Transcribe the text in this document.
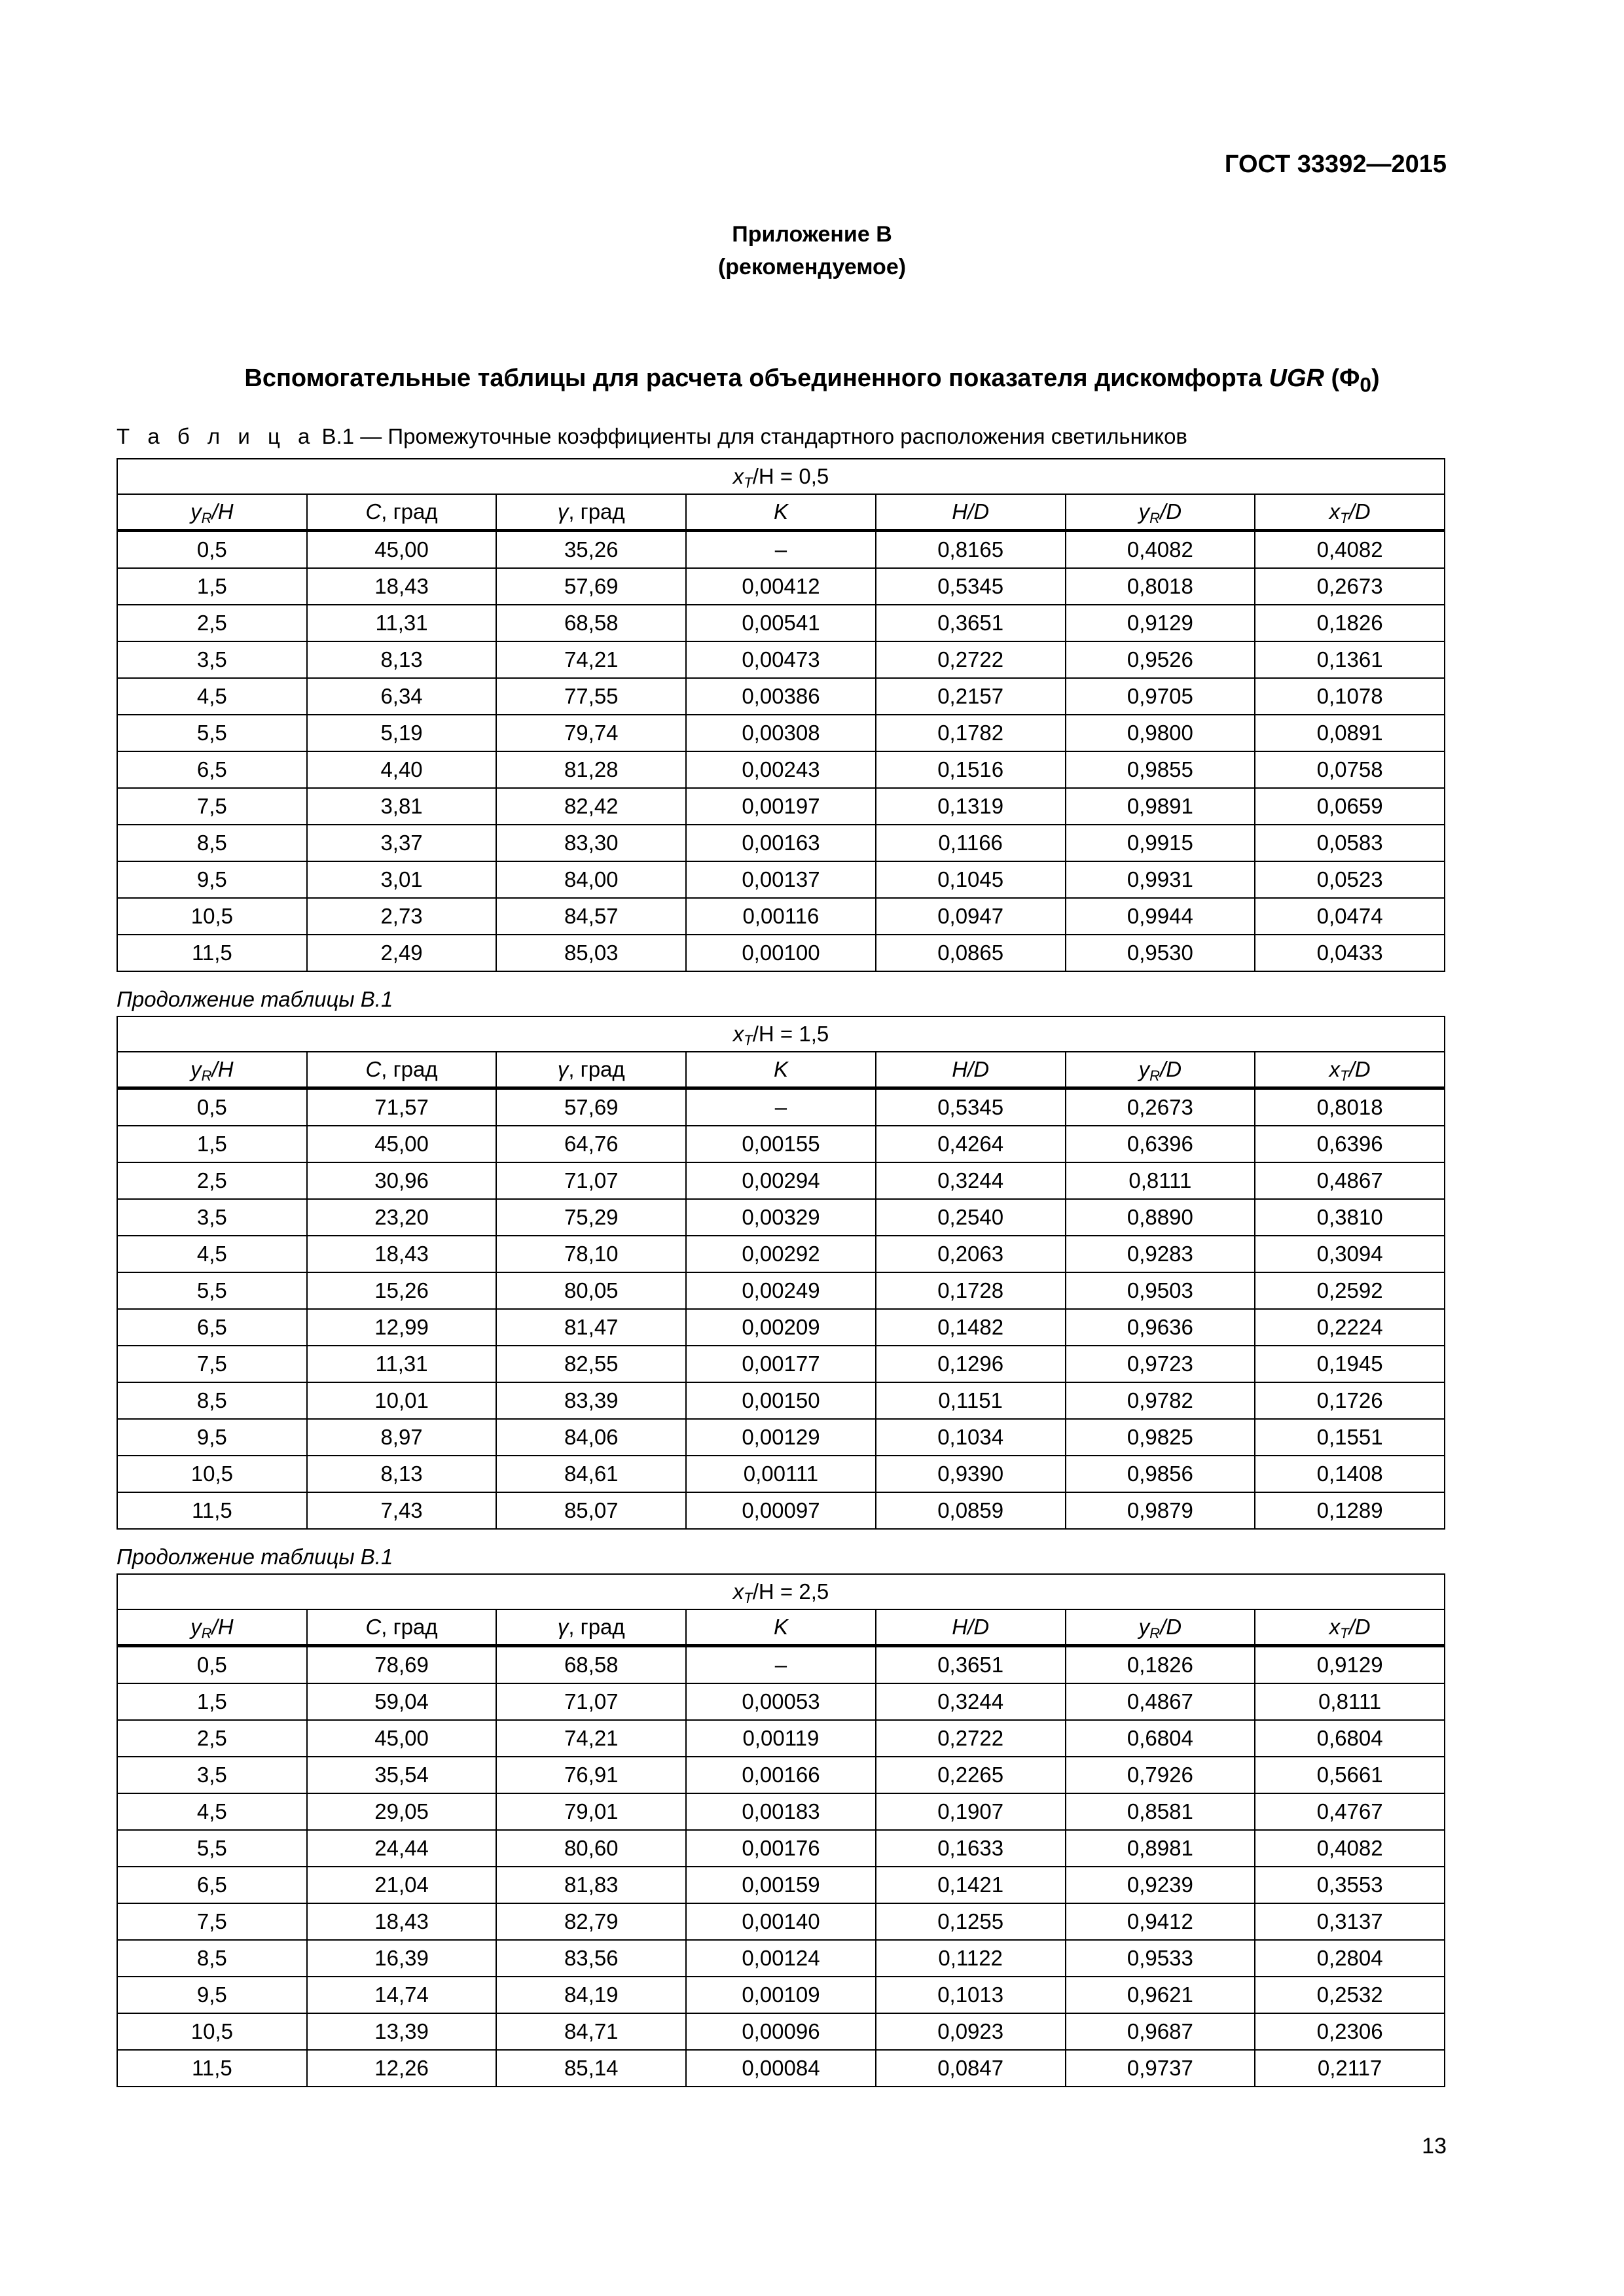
ГОСТ 33392—2015
Приложение В
(рекомендуемое)
Вспомогательные таблицы для расчета объединенного показателя дискомфорта UGR $(\Phi_0)$
Т а б л и ц а В.1 — Промежуточные коэффициенты для стандартного расположения светильников
$x_T/H = 0,5$						
$y_R/H$	C, град	γ, град	K	H/D	$y_R/D$	$x_T/D$
0,5	45,00	35,26	–	0,8165	0,4082	0,4082
1,5	18,43	57,69	0,00412	0,5345	0,8018	0,2673
2,5	11,31	68,58	0,00541	0,3651	0,9129	0,1826
3,5	8,13	74,21	0,00473	0,2722	0,9526	0,1361
4,5	6,34	77,55	0,00386	0,2157	0,9705	0,1078
5,5	5,19	79,74	0,00308	0,1782	0,9800	0,0891
6,5	4,40	81,28	0,00243	0,1516	0,9855	0,0758
7,5	3,81	82,42	0,00197	0,1319	0,9891	0,0659
8,5	3,37	83,30	0,00163	0,1166	0,9915	0,0583
9,5	3,01	84,00	0,00137	0,1045	0,9931	0,0523
10,5	2,73	84,57	0,00116	0,0947	0,9944	0,0474
11,5	2,49	85,03	0,00100	0,0865	0,9530	0,0433
Продолжение таблицы В.1
$x_T/H = 1,5$						
$y_R/H$	C, град	γ, град	K	H/D	$y_R/D$	$x_T/D$
0,5	71,57	57,69	–	0,5345	0,2673	0,8018
1,5	45,00	64,76	0,00155	0,4264	0,6396	0,6396
2,5	30,96	71,07	0,00294	0,3244	0,8111	0,4867
3,5	23,20	75,29	0,00329	0,2540	0,8890	0,3810
4,5	18,43	78,10	0,00292	0,2063	0,9283	0,3094
5,5	15,26	80,05	0,00249	0,1728	0,9503	0,2592
6,5	12,99	81,47	0,00209	0,1482	0,9636	0,2224
7,5	11,31	82,55	0,00177	0,1296	0,9723	0,1945
8,5	10,01	83,39	0,00150	0,1151	0,9782	0,1726
9,5	8,97	84,06	0,00129	0,1034	0,9825	0,1551
10,5	8,13	84,61	0,00111	0,9390	0,9856	0,1408
11,5	7,43	85,07	0,00097	0,0859	0,9879	0,1289
Продолжение таблицы В.1
$x_T/H = 2,5$						
$y_R/H$	C, град	γ, град	K	H/D	$y_R/D$	$x_T/D$
0,5	78,69	68,58	–	0,3651	0,1826	0,9129
1,5	59,04	71,07	0,00053	0,3244	0,4867	0,8111
2,5	45,00	74,21	0,00119	0,2722	0,6804	0,6804
3,5	35,54	76,91	0,00166	0,2265	0,7926	0,5661
4,5	29,05	79,01	0,00183	0,1907	0,8581	0,4767
5,5	24,44	80,60	0,00176	0,1633	0,8981	0,4082
6,5	21,04	81,83	0,00159	0,1421	0,9239	0,3553
7,5	18,43	82,79	0,00140	0,1255	0,9412	0,3137
8,5	16,39	83,56	0,00124	0,1122	0,9533	0,2804
9,5	14,74	84,19	0,00109	0,1013	0,9621	0,2532
10,5	13,39	84,71	0,00096	0,0923	0,9687	0,2306
11,5	12,26	85,14	0,00084	0,0847	0,9737	0,2117
13
